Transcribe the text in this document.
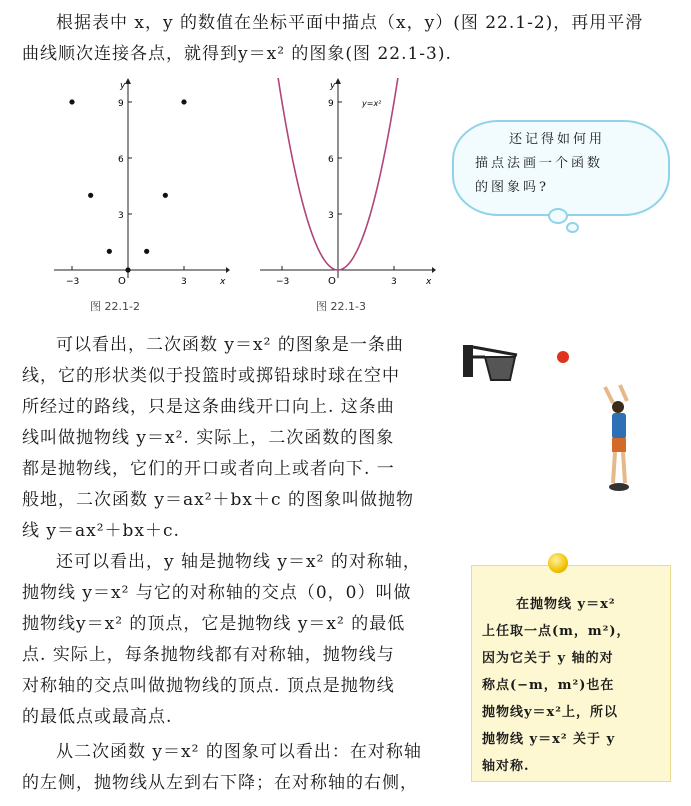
根据表中 x，y 的数值在坐标平面中描点（x，y）(图 22.1-2)，再用平滑
曲线顺次连接各点，就得到y＝x² 的图象(图 22.1-3).
y
x
O
3
6
9
−3	3
图 22.1-2
y=x²
y
x
O
3
6
9
−3	3
图 22.1-3
还记得如何用
描点法画一个函数
的图象吗?
可以看出，二次函数 y＝x² 的图象是一条曲
线，它的形状类似于投篮时或掷铅球时球在空中
所经过的路线，只是这条曲线开口向上. 这条曲
线叫做抛物线 y＝x². 实际上，二次函数的图象
都是抛物线，它们的开口或者向上或者向下. 一
般地，二次函数 y＝ax²＋bx＋c 的图象叫做抛物
线 y＝ax²＋bx＋c.
还可以看出，y 轴是抛物线 y＝x² 的对称轴，
抛物线 y＝x² 与它的对称轴的交点（0，0）叫做
抛物线y＝x² 的顶点，它是抛物线 y＝x² 的最低
点. 实际上，每条抛物线都有对称轴，抛物线与
对称轴的交点叫做抛物线的顶点. 顶点是抛物线
的最低点或最高点.
从二次函数 y＝x² 的图象可以看出：在对称轴
的左侧，抛物线从左到右下降；在对称轴的右侧，
在抛物线 y＝x²
上任取一点(m，m²)，
因为它关于 y 轴的对
称点(−m，m²)也在
抛物线y＝x²上，所以
抛物线 y＝x² 关于 y
轴对称.
